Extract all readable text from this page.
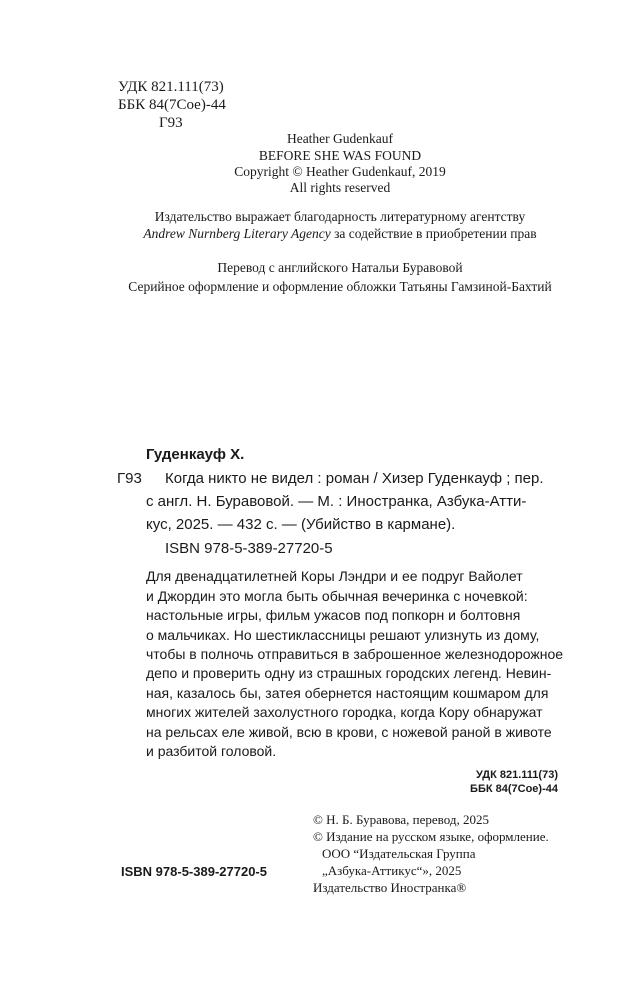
УДК 821.111(73)
ББК 84(7Сое)-44
Г93
Heather Gudenkauf
BEFORE SHE WAS FOUND
Copyright © Heather Gudenkauf, 2019
All rights reserved
Издательство выражает благодарность литературному агентству
Andrew Nurnberg Literary Agency за содействие в приобретении прав
Перевод с английского Натальи Буравовой
Серийное оформление и оформление обложки Татьяны Гамзиной-Бахтий
Гуденкауф Х.
Г93 Когда никто не видел : роман / Хизер Гуденкауф ; пер.
с англ. Н. Буравовой. — М. : Иностранка, Азбука-Атти-
кус, 2025. — 432 с. — (Убийство в кармане).
ISBN 978-5-389-27720-5
Для двенадцатилетней Коры Лэндри и ее подруг Вайолет
и Джордин это могла быть обычная вечеринка с ночевкой:
настольные игры, фильм ужасов под попкорн и болтовня
о мальчиках. Но шестиклассницы решают улизнуть из дому,
чтобы в полночь отправиться в заброшенное железнодорожное
депо и проверить одну из страшных городских легенд. Невин-
ная, казалось бы, затея обернется настоящим кошмаром для
многих жителей захолустного городка, когда Кору обнаружат
на рельсах еле живой, всю в крови, с ножевой раной в животе
и разбитой головой.
УДК 821.111(73)
ББК 84(7Сое)-44
© Н. Б. Буравова, перевод, 2025
© Издание на русском языке, оформление.
ООО “Издательская Группа
„Азбука-Аттикус“», 2025
Издательство Иностранка®
ISBN 978-5-389-27720-5
